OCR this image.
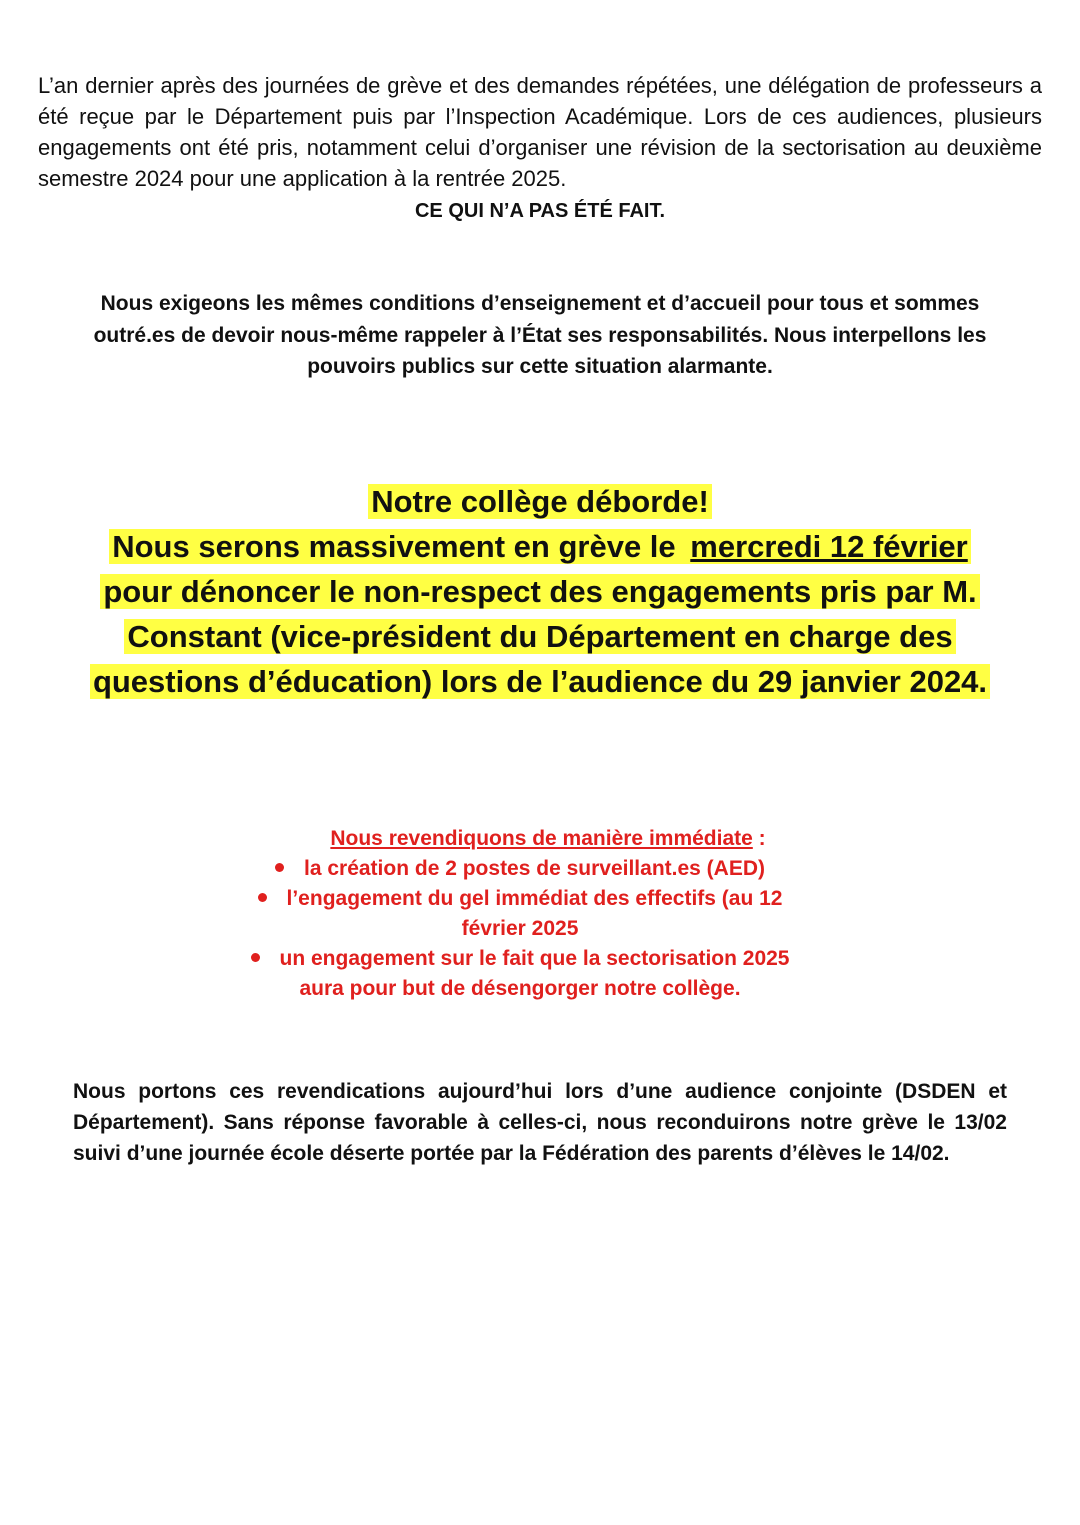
L’an dernier après des journées de grève et des demandes répétées, une délégation de professeurs a été reçue par le Département puis par l’Inspection Académique. Lors de ces audiences, plusieurs engagements ont été pris, notamment celui d’organiser une révision de la sectorisation au deuxième semestre 2024 pour une application à la rentrée 2025.

CE QUI N’A PAS ÉTÉ FAIT.

Nous exigeons les mêmes conditions d’enseignement et d’accueil pour tous et sommes outré.es de devoir nous-même rappeler à l’État ses responsabilités. Nous interpellons les pouvoirs publics sur cette situation alarmante.

Notre collège déborde!
Nous serons massivement en grève le mercredi 12 février
pour dénoncer le non-respect des engagements pris par M. Constant (vice-président du Département en charge des questions d’éducation) lors de l’audience du 29 janvier 2024.

Nous revendiquons de manière immédiate :

la création de 2 postes de surveillant.es (AED)
l’engagement du gel immédiat des effectifs (au 12
février 2025
un engagement sur le fait que la sectorisation 2025
aura pour but de désengorger notre collège.

Nous portons ces revendications aujourd’hui lors d’une audience conjointe (DSDEN et Département). Sans réponse favorable à celles-ci, nous reconduirons notre grève le 13/02 suivi d’une journée école déserte portée par la Fédération des parents d’élèves le 14/02.
